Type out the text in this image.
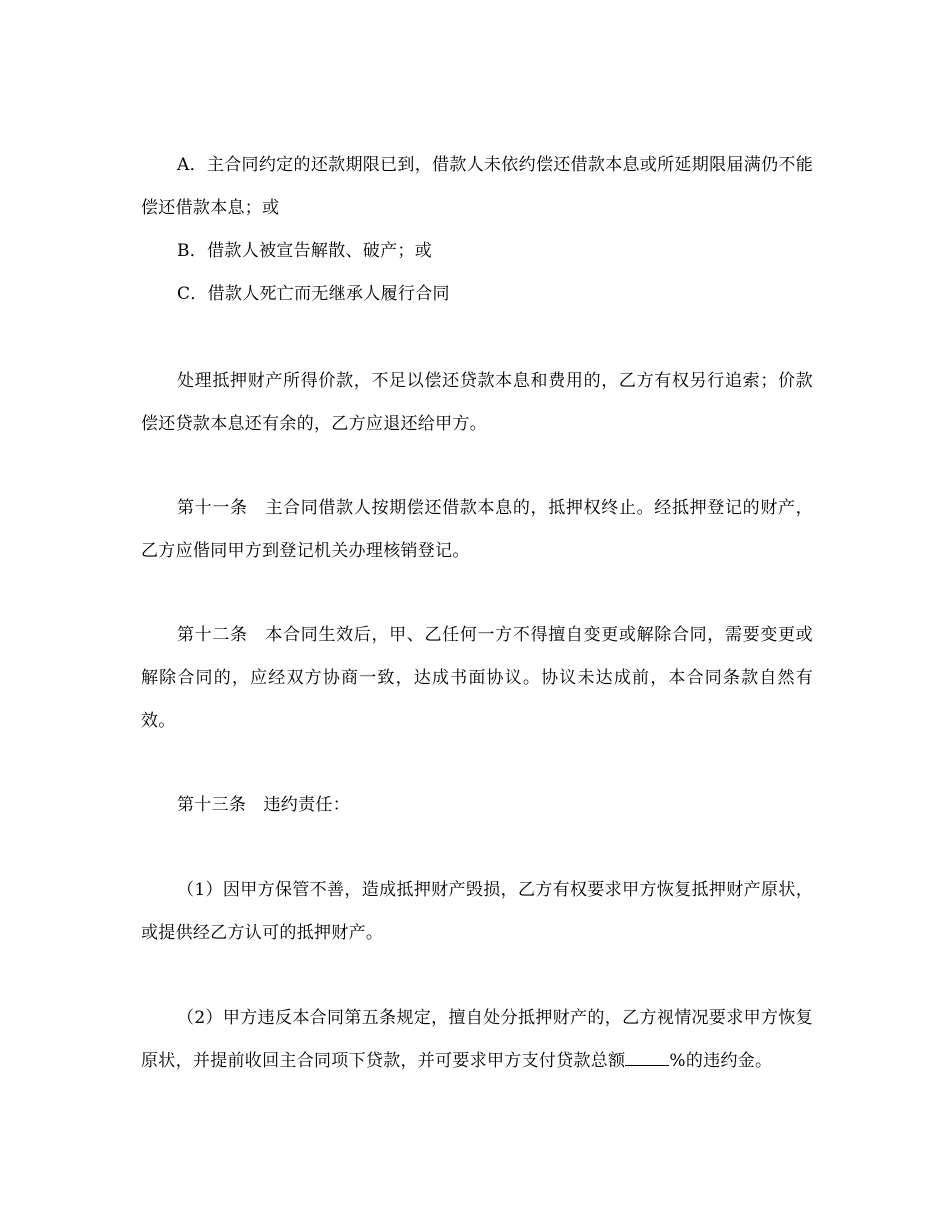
A．主合同约定的还款期限已到，借款人未依约偿还借款本息或所延期限届满仍不能偿还借款本息；或

B．借款人被宣告解散、破产；或

C．借款人死亡而无继承人履行合同

处理抵押财产所得价款，不足以偿还贷款本息和费用的，乙方有权另行追索；价款偿还贷款本息还有余的，乙方应退还给甲方。

第十一条　主合同借款人按期偿还借款本息的，抵押权终止。经抵押登记的财产，乙方应偕同甲方到登记机关办理核销登记。

第十二条　本合同生效后，甲、乙任何一方不得擅自变更或解除合同，需要变更或解除合同的，应经双方协商一致，达成书面协议。协议未达成前，本合同条款自然有效。

第十三条　违约责任：

（1）因甲方保管不善，造成抵押财产毁损，乙方有权要求甲方恢复抵押财产原状，或提供经乙方认可的抵押财产。

（2）甲方违反本合同第五条规定，擅自处分抵押财产的，乙方视情况要求甲方恢复原状，并提前收回主合同项下贷款，并可要求甲方支付贷款总额	%的违约金。
